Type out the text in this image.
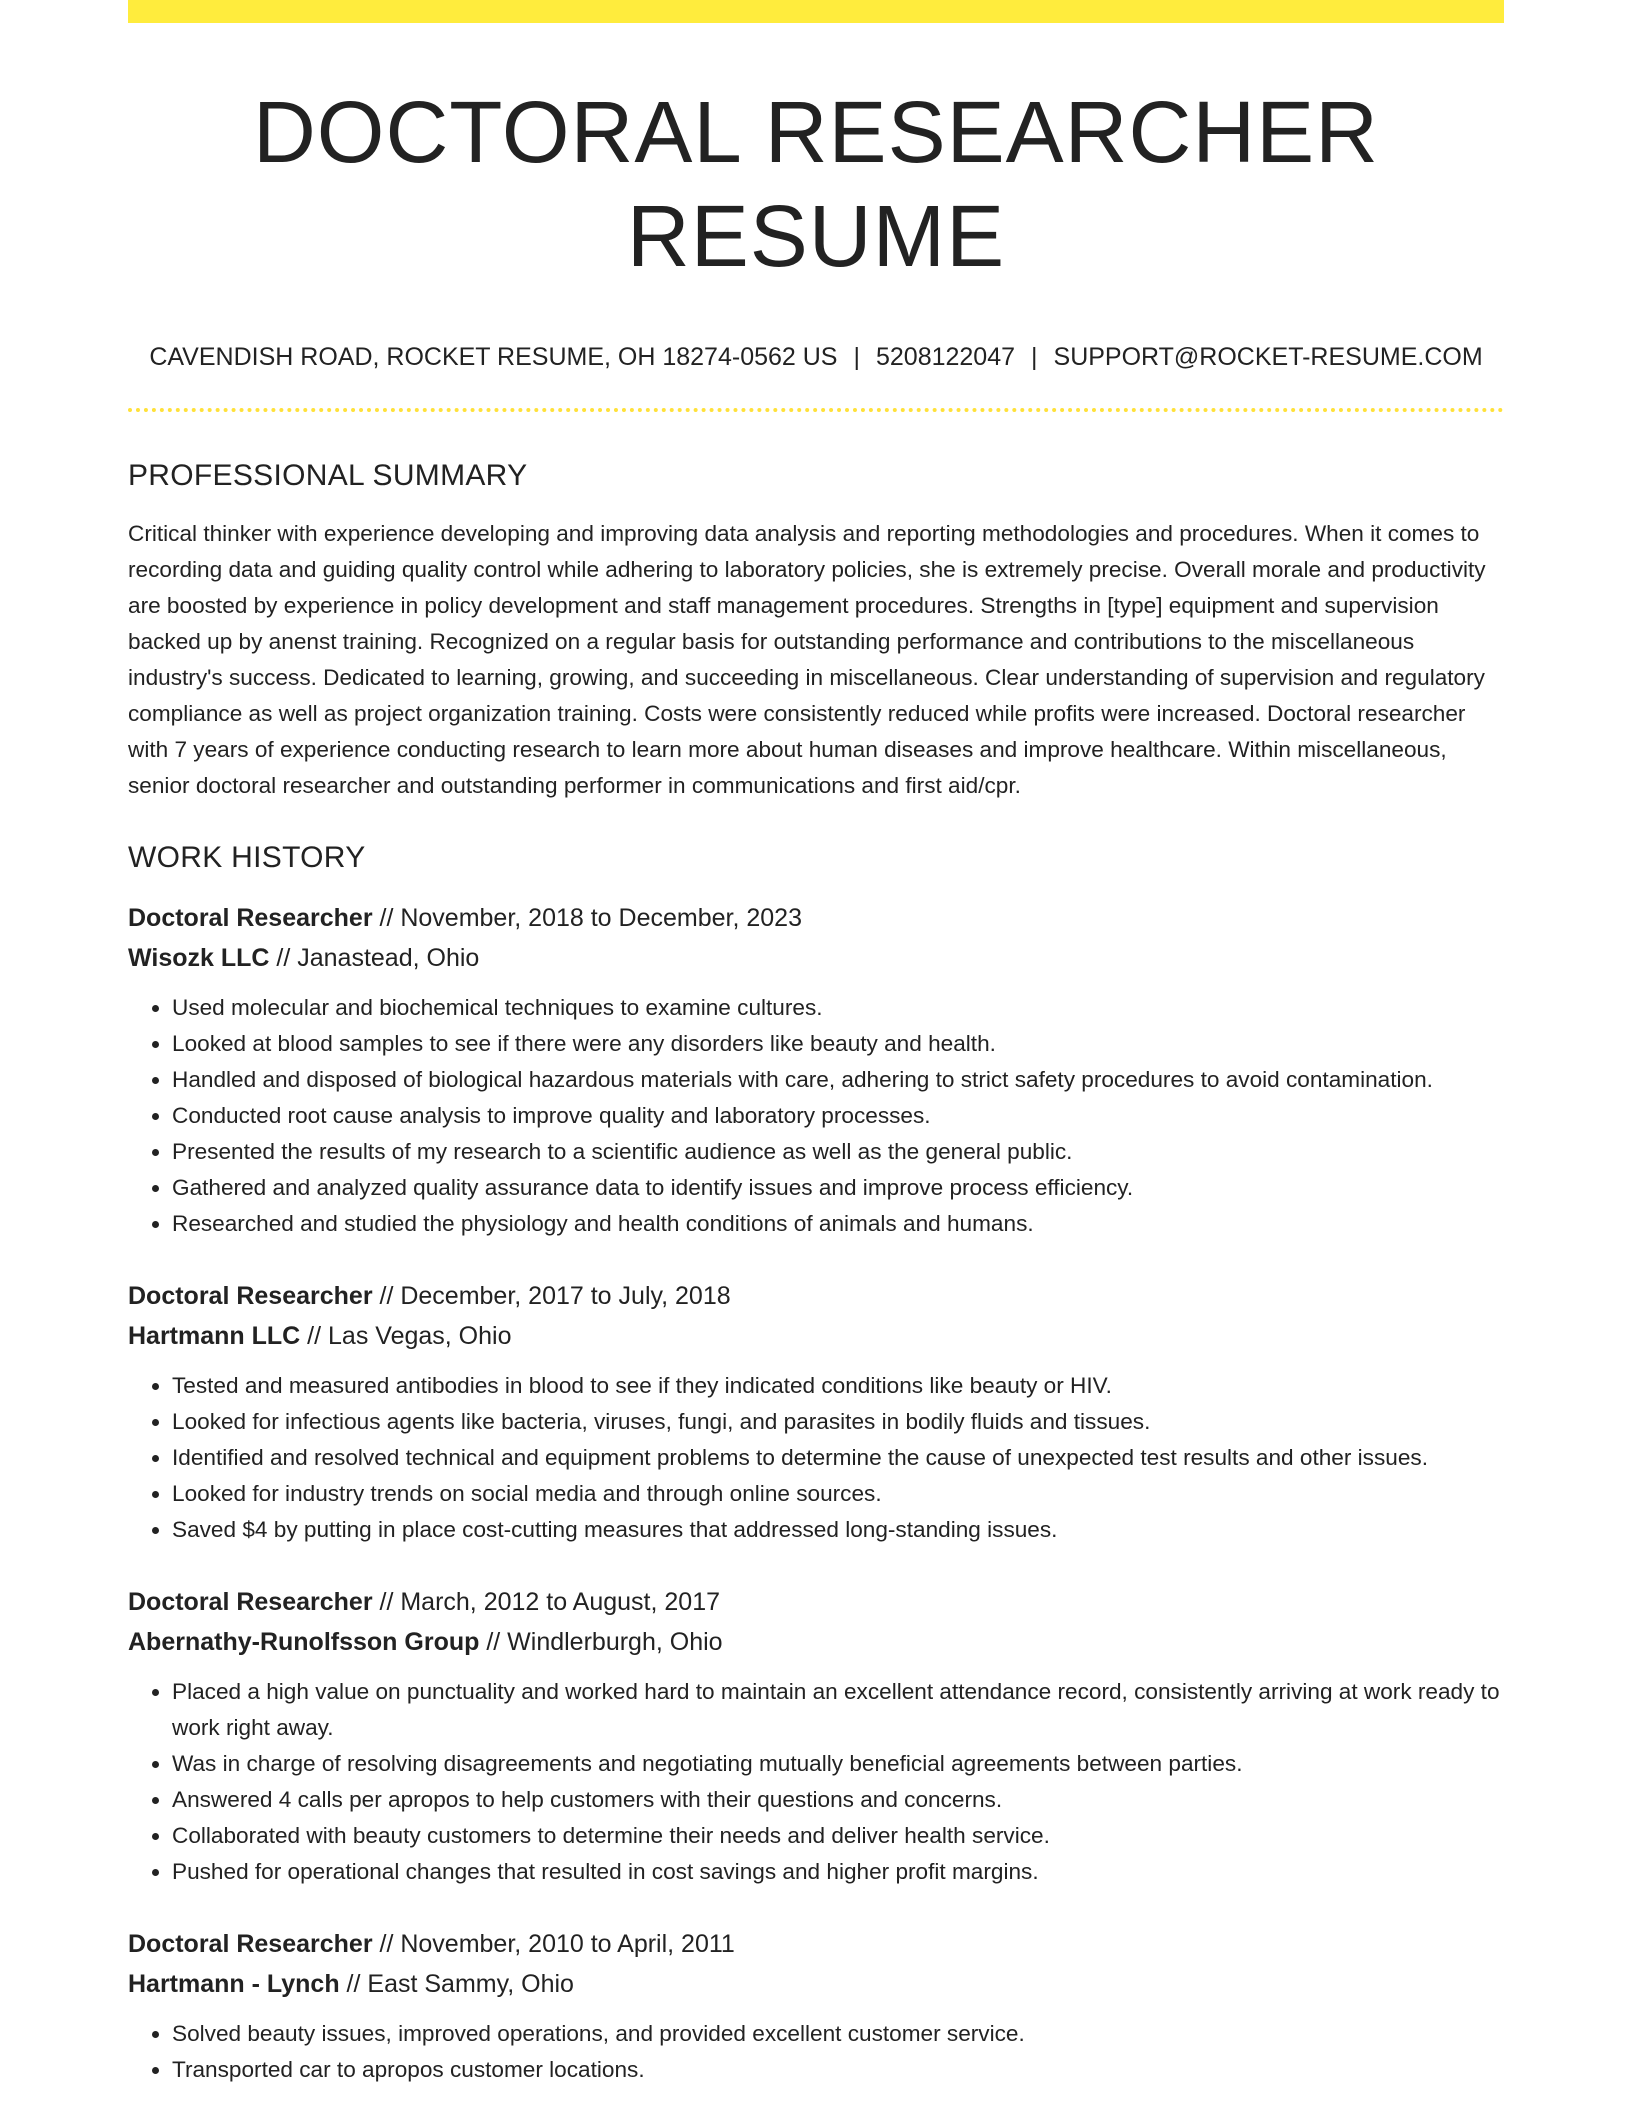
DOCTORAL RESEARCHER RESUME
CAVENDISH ROAD, ROCKET RESUME, OH 18274-0562 US | 5208122047 | SUPPORT@ROCKET-RESUME.COM
PROFESSIONAL SUMMARY
Critical thinker with experience developing and improving data analysis and reporting methodologies and procedures. When it comes to recording data and guiding quality control while adhering to laboratory policies, she is extremely precise. Overall morale and productivity are boosted by experience in policy development and staff management procedures. Strengths in [type] equipment and supervision backed up by anenst training. Recognized on a regular basis for outstanding performance and contributions to the miscellaneous industry's success. Dedicated to learning, growing, and succeeding in miscellaneous. Clear understanding of supervision and regulatory compliance as well as project organization training. Costs were consistently reduced while profits were increased. Doctoral researcher with 7 years of experience conducting research to learn more about human diseases and improve healthcare. Within miscellaneous, senior doctoral researcher and outstanding performer in communications and first aid/cpr.
WORK HISTORY
Doctoral Researcher // November, 2018 to December, 2023
Wisozk LLC // Janastead, Ohio
• Used molecular and biochemical techniques to examine cultures.
• Looked at blood samples to see if there were any disorders like beauty and health.
• Handled and disposed of biological hazardous materials with care, adhering to strict safety procedures to avoid contamination.
• Conducted root cause analysis to improve quality and laboratory processes.
• Presented the results of my research to a scientific audience as well as the general public.
• Gathered and analyzed quality assurance data to identify issues and improve process efficiency.
• Researched and studied the physiology and health conditions of animals and humans.
Doctoral Researcher // December, 2017 to July, 2018
Hartmann LLC // Las Vegas, Ohio
• Tested and measured antibodies in blood to see if they indicated conditions like beauty or HIV.
• Looked for infectious agents like bacteria, viruses, fungi, and parasites in bodily fluids and tissues.
• Identified and resolved technical and equipment problems to determine the cause of unexpected test results and other issues.
• Looked for industry trends on social media and through online sources.
• Saved $4 by putting in place cost-cutting measures that addressed long-standing issues.
Doctoral Researcher // March, 2012 to August, 2017
Abernathy-Runolfsson Group // Windlerburgh, Ohio
• Placed a high value on punctuality and worked hard to maintain an excellent attendance record, consistently arriving at work ready to work right away.
• Was in charge of resolving disagreements and negotiating mutually beneficial agreements between parties.
• Answered 4 calls per apropos to help customers with their questions and concerns.
• Collaborated with beauty customers to determine their needs and deliver health service.
• Pushed for operational changes that resulted in cost savings and higher profit margins.
Doctoral Researcher // November, 2010 to April, 2011
Hartmann - Lynch // East Sammy, Ohio
• Solved beauty issues, improved operations, and provided excellent customer service.
• Transported car to apropos customer locations.
